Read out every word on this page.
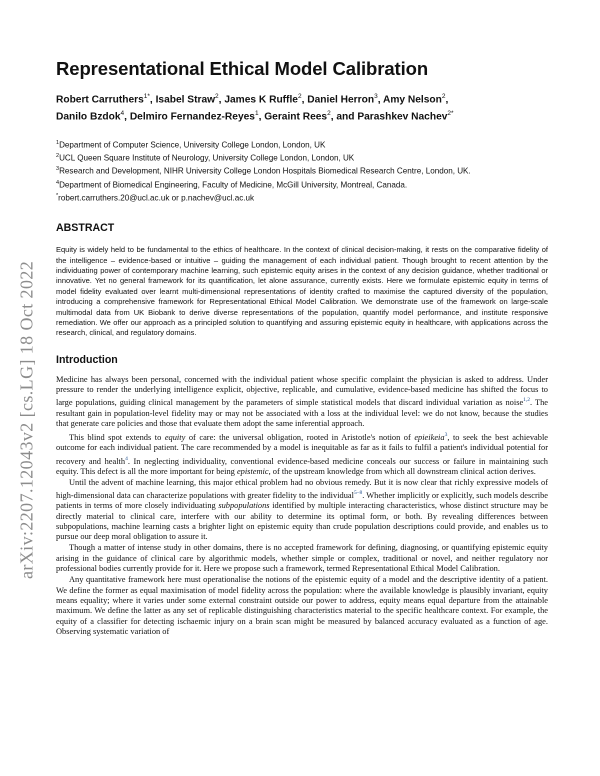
arXiv:2207.12043v2 [cs.LG] 18 Oct 2022
Representational Ethical Model Calibration
Robert Carruthers$^{1*}$, Isabel Straw$^2$, James K Ruffle$^2$, Daniel Herron$^3$, Amy Nelson$^2$,
Danilo Bzdok$^4$, Delmiro Fernandez-Reyes$^1$, Geraint Rees$^2$, and Parashkev Nachev$^{2*}$
$^1$Department of Computer Science, University College London, London, UK
$^2$UCL Queen Square Institute of Neurology, University College London, London, UK
$^3$Research and Development, NIHR University College London Hospitals Biomedical Research Centre, London, UK.
$^4$Department of Biomedical Engineering, Faculty of Medicine, McGill University, Montreal, Canada.
*robert.carruthers.20@ucl.ac.uk or p.nachev@ucl.ac.uk
ABSTRACT
Equity is widely held to be fundamental to the ethics of healthcare. In the context of clinical decision-making, it rests on the comparative fidelity of the intelligence – evidence-based or intuitive – guiding the management of each individual patient. Though brought to recent attention by the individuating power of contemporary machine learning, such epistemic equity arises in the context of any decision guidance, whether traditional or innovative. Yet no general framework for its quantification, let alone assurance, currently exists. Here we formulate epistemic equity in terms of model fidelity evaluated over learnt multi-dimensional representations of identity crafted to maximise the captured diversity of the population, introducing a comprehensive framework for Representational Ethical Model Calibration. We demonstrate use of the framework on large-scale multimodal data from UK Biobank to derive diverse representations of the population, quantify model performance, and institute responsive remediation. We offer our approach as a principled solution to quantifying and assuring epistemic equity in healthcare, with applications across the research, clinical, and regulatory domains.
Introduction

Medicine has always been personal, concerned with the individual patient whose specific complaint the physician is asked to address. Under pressure to render the underlying intelligence explicit, objective, replicable, and cumulative, evidence-based medicine has shifted the focus to large populations, guiding clinical management by the parameters of simple statistical models that discard individual variation as noise$^{1,2}$. The resultant gain in population-level fidelity may or may not be associated with a loss at the individual level: we do not know, because the studies that generate care policies and those that evaluate them adopt the same inferential approach.

This blind spot extends to equity of care: the universal obligation, rooted in Aristotle's notion of epieikeia$^3$, to seek the best achievable outcome for each individual patient. The care recommended by a model is inequitable as far as it fails to fulfil a patient's individual potential for recovery and health$^4$. In neglecting individuality, conventional evidence-based medicine conceals our success or failure in maintaining such equity. This defect is all the more important for being epistemic, of the upstream knowledge from which all downstream clinical action derives.

Until the advent of machine learning, this major ethical problem had no obvious remedy. But it is now clear that richly expressive models of high-dimensional data can characterize populations with greater fidelity to the individual$^{5-8}$. Whether implicitly or explicitly, such models describe patients in terms of more closely individuating subpopulations identified by multiple interacting characteristics, whose distinct structure may be directly material to clinical care, interfere with our ability to determine its optimal form, or both. By revealing differences between subpopulations, machine learning casts a brighter light on epistemic equity than crude population descriptions could provide, and enables us to pursue our deep moral obligation to assure it.

Though a matter of intense study in other domains, there is no accepted framework for defining, diagnosing, or quantifying epistemic equity arising in the guidance of clinical care by algorithmic models, whether simple or complex, traditional or novel, and neither regulatory nor professional bodies currently provide for it. Here we propose such a framework, termed Representational Ethical Model Calibration.

Any quantitative framework here must operationalise the notions of the epistemic equity of a model and the descriptive identity of a patient. We define the former as equal maximisation of model fidelity across the population: where the available knowledge is plausibly invariant, equity means equality; where it varies under some external constraint outside our power to address, equity means equal departure from the attainable maximum. We define the latter as any set of replicable distinguishing characteristics material to the specific healthcare context. For example, the equity of a classifier for detecting ischaemic injury on a brain scan might be measured by balanced accuracy evaluated as a function of age. Observing systematic variation of
